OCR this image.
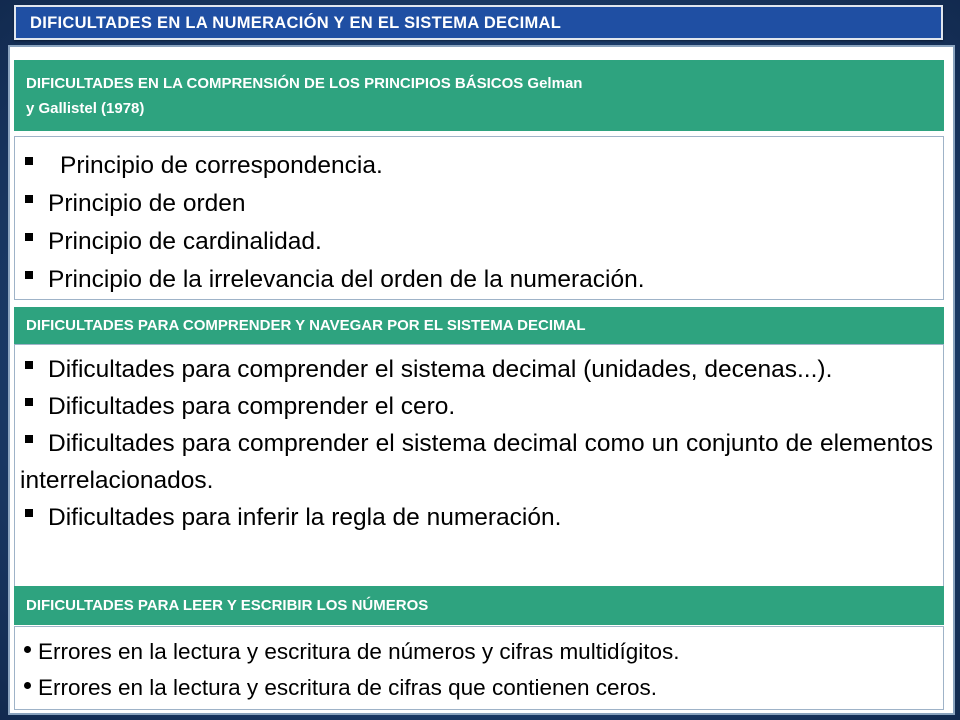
DIFICULTADES EN LA NUMERACIÓN Y EN EL SISTEMA DECIMAL
DIFICULTADES EN LA COMPRENSIÓN DE LOS PRINCIPIOS BÁSICOS Gelman
y Gallistel (1978)
Principio de correspondencia.
Principio de orden
Principio de cardinalidad.
Principio de la irrelevancia del orden de la numeración.
DIFICULTADES PARA COMPRENDER Y NAVEGAR POR EL SISTEMA DECIMAL
Dificultades para comprender el sistema decimal (unidades, decenas...).
Dificultades para comprender el cero.
Dificultades para comprender el sistema decimal como un conjunto de elementos interrelacionados.
Dificultades para inferir la regla de numeración.
DIFICULTADES PARA LEER Y ESCRIBIR LOS NÚMEROS
Errores en la lectura y escritura de números y cifras multidígitos.
Errores en la lectura y escritura de cifras que contienen ceros.
